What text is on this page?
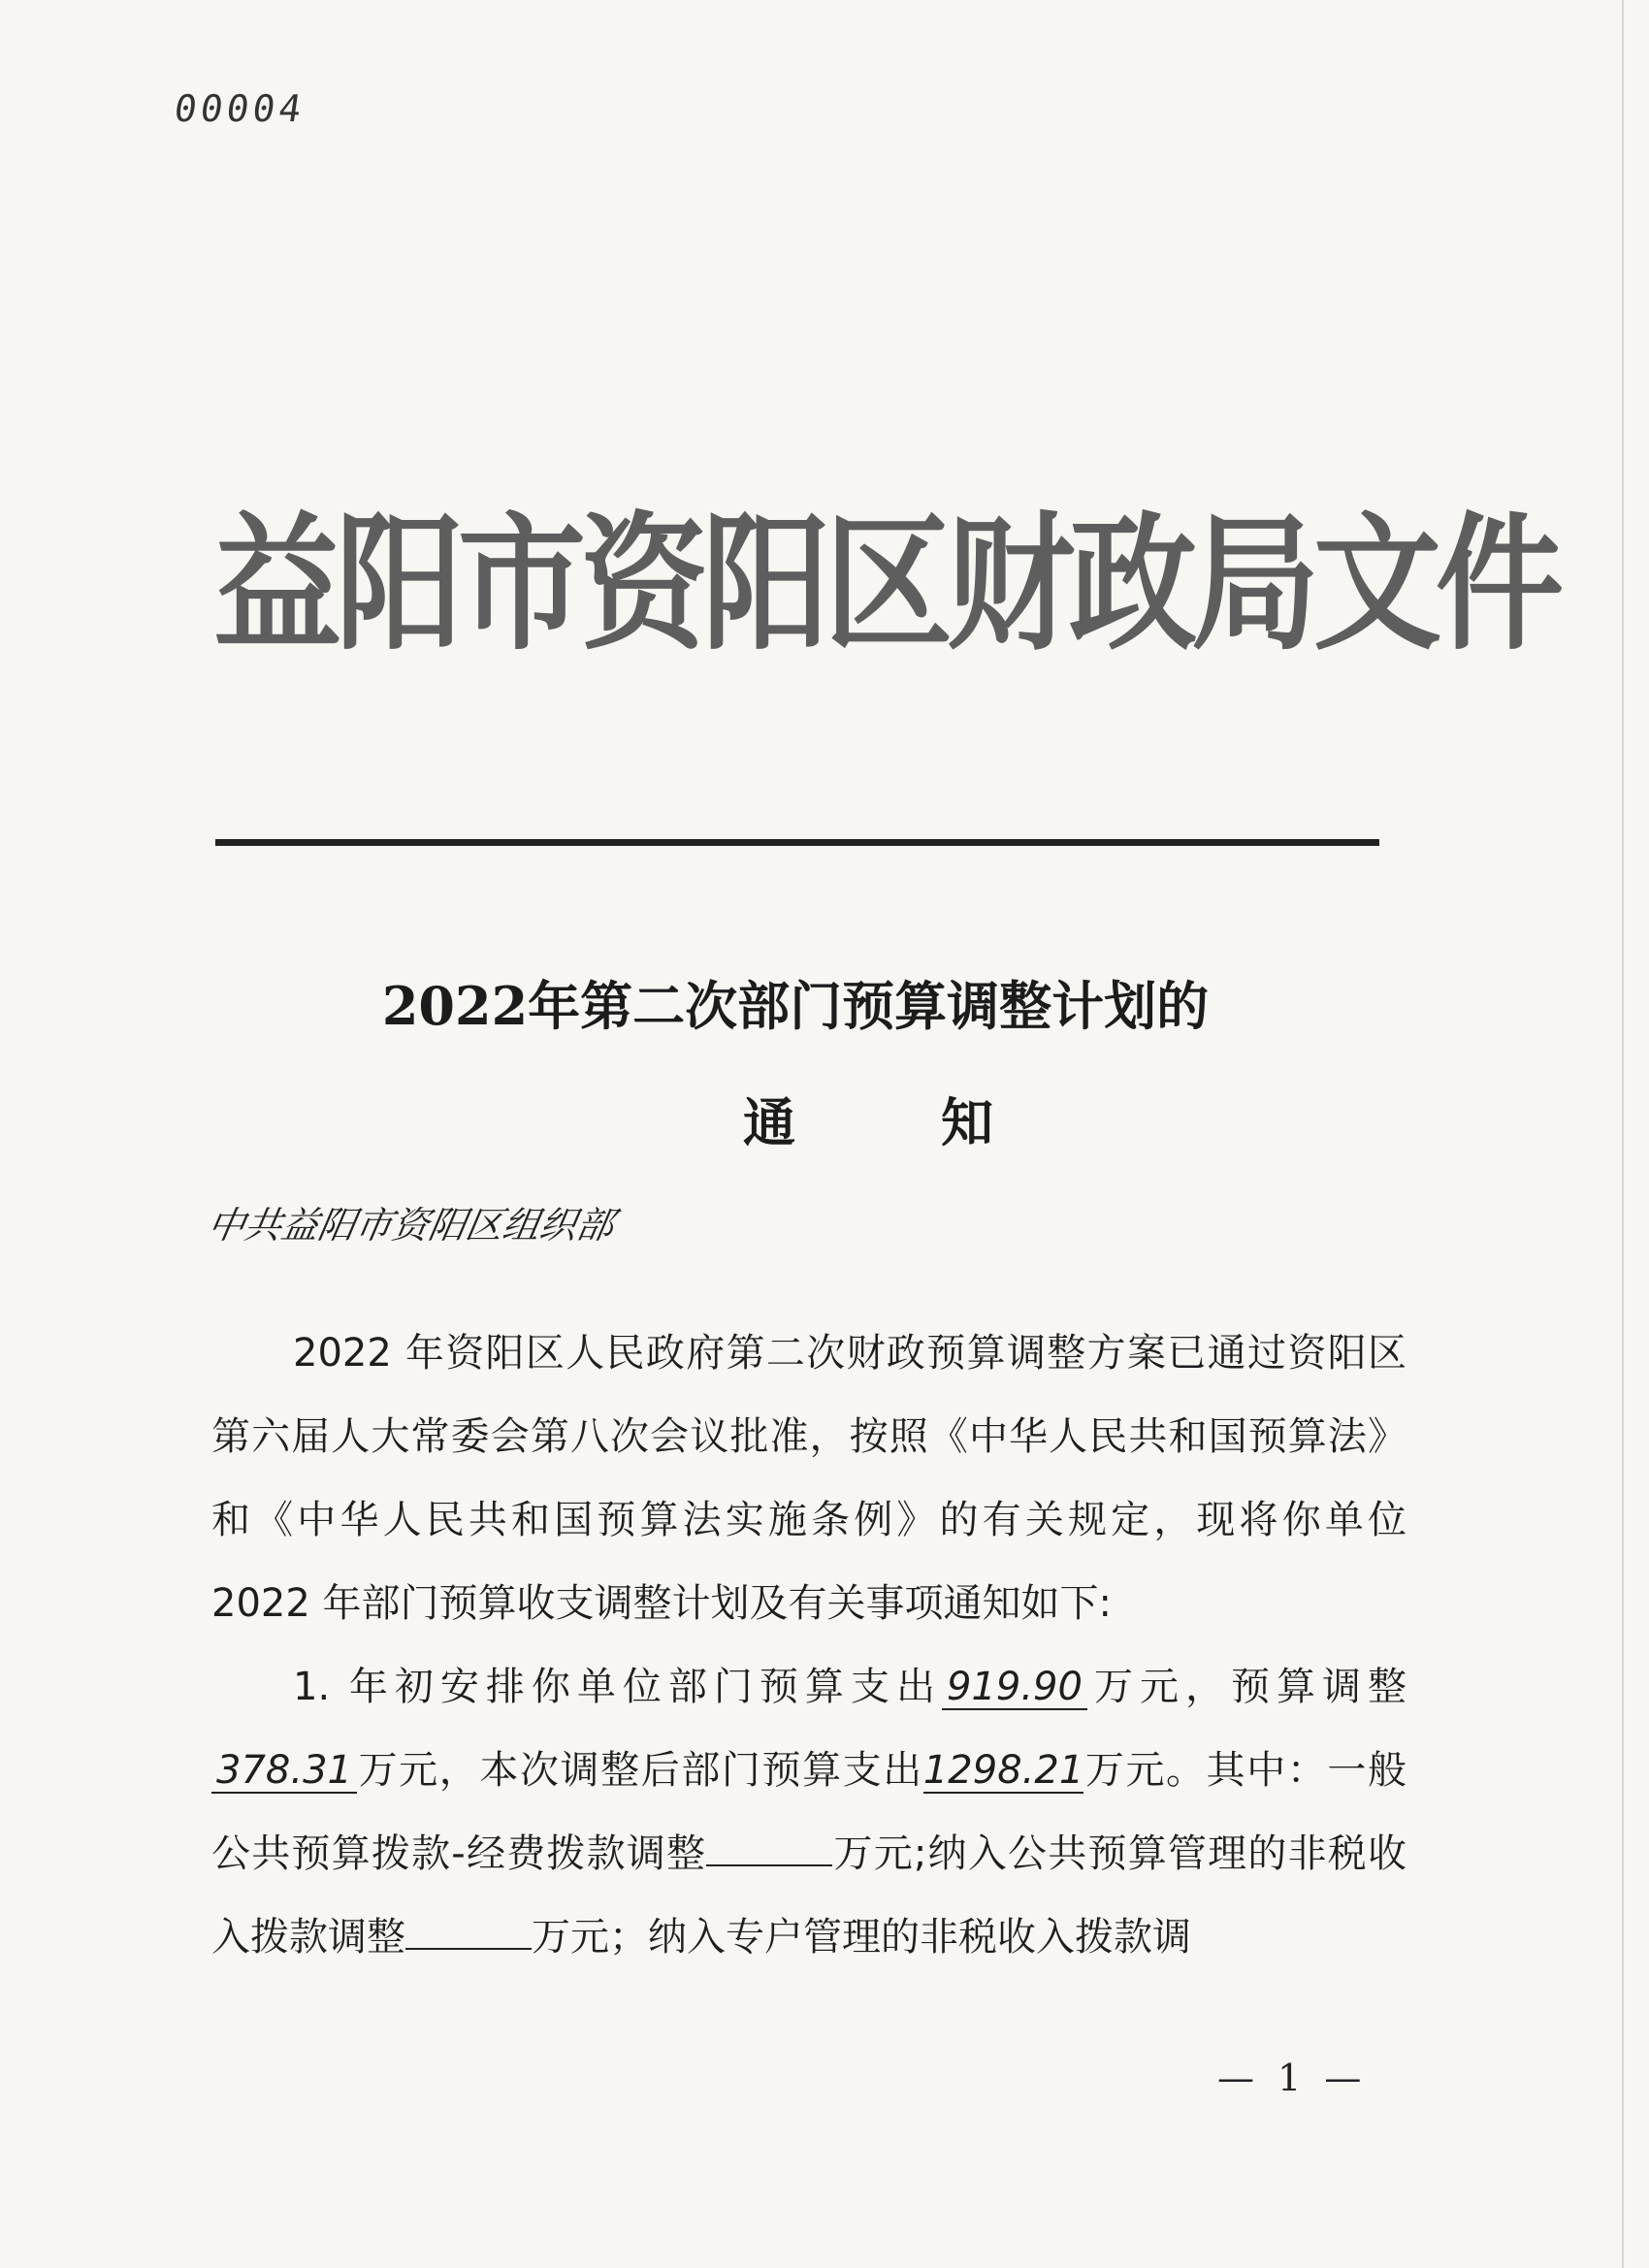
00004
益阳市资阳区财政局文件
2022年第二次部门预算调整计划的
通知
中共益阳市资阳区组织部
2022 年资阳区人民政府第二次财政预算调整方案已通过资阳区第六届人大常委会第八次会议批准，按照《中华人民共和国预算法》和《中华人民共和国预算法实施条例》的有关规定，现将你单位 2022 年部门预算收支调整计划及有关事项通知如下:
1. 年初安排你单位部门预算支出 919.90 万元，预算调整378.31 万元，本次调整后部门预算支出1298.21万元。其中：一般公共预算拨款-经费拨款调整	万元;纳入公共预算管理的非税收入拨款调整	万元；纳入专户管理的非税收入拨款调
— 1 —
